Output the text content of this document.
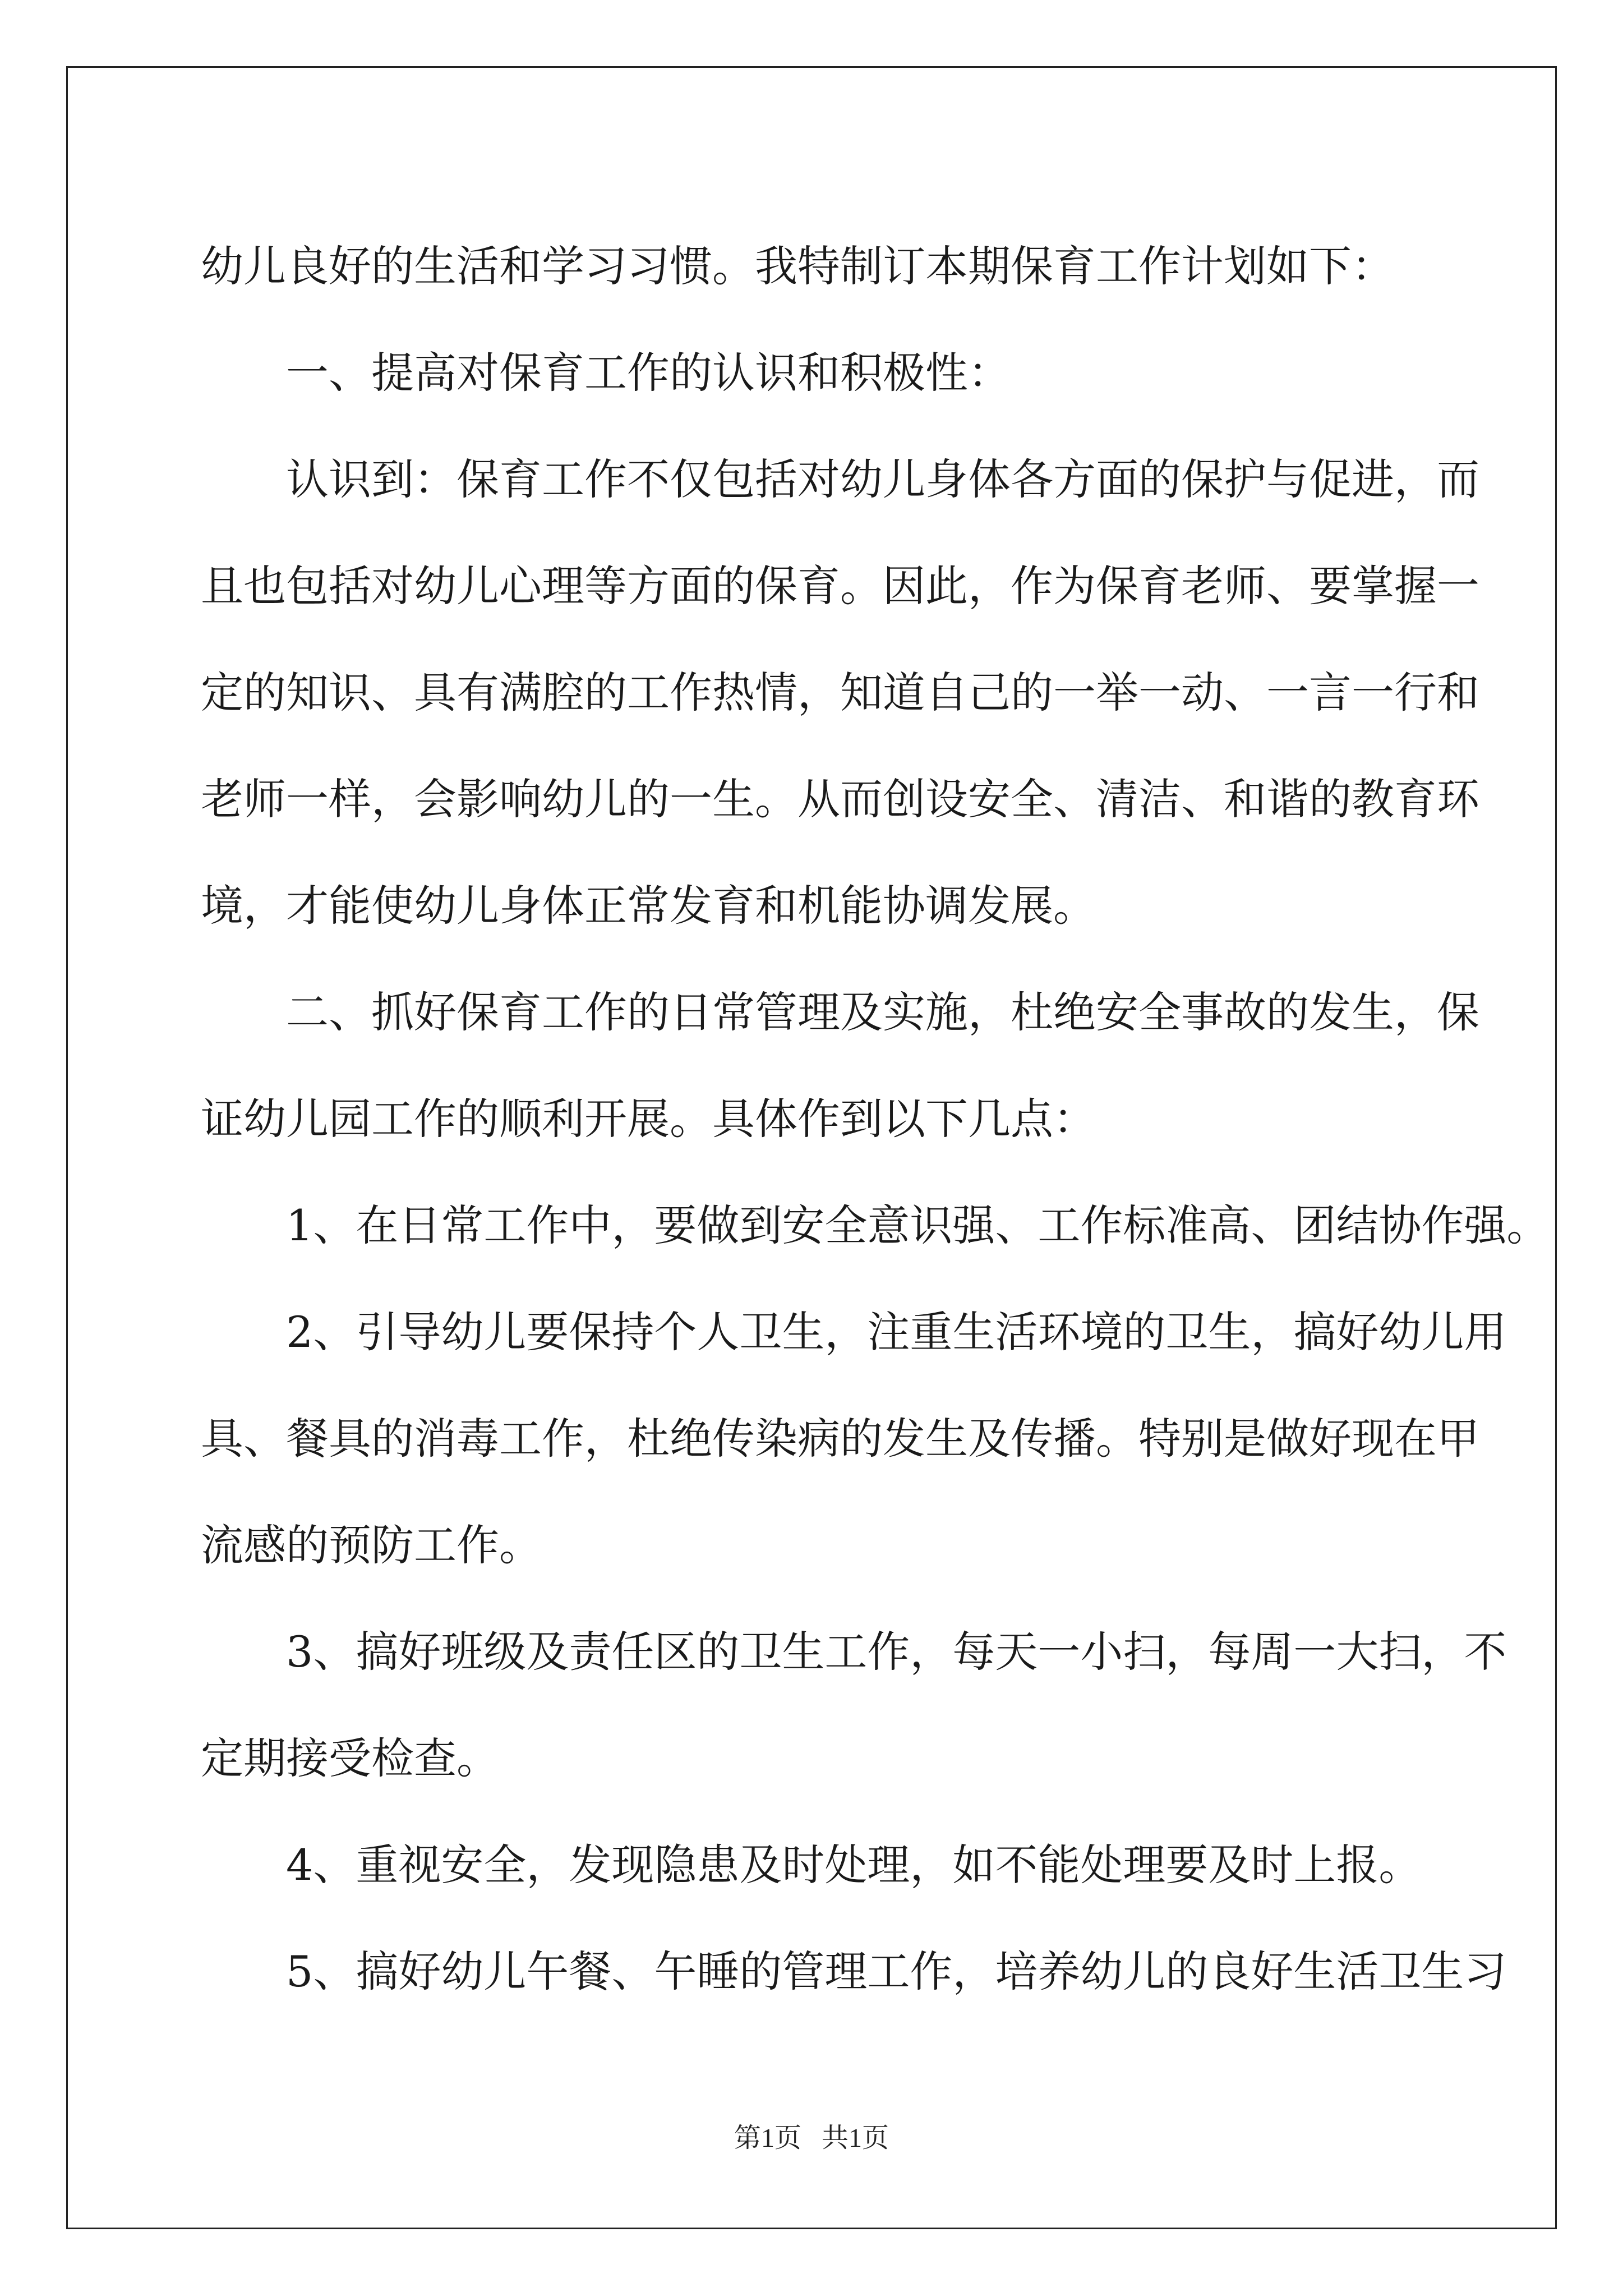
幼儿良好的生活和学习习惯。我特制订本期保育工作计划如下：
一、提高对保育工作的认识和积极性：
认识到：保育工作不仅包括对幼儿身体各方面的保护与促进，而
且也包括对幼儿心理等方面的保育。因此，作为保育老师、要掌握一
定的知识、具有满腔的工作热情，知道自己的一举一动、一言一行和
老师一样，会影响幼儿的一生。从而创设安全、清洁、和谐的教育环
境，才能使幼儿身体正常发育和机能协调发展。
二、抓好保育工作的日常管理及实施，杜绝安全事故的发生，保
证幼儿园工作的顺利开展。具体作到以下几点：
1、在日常工作中，要做到安全意识强、工作标准高、团结协作强。
2、引导幼儿要保持个人卫生，注重生活环境的卫生，搞好幼儿用
具、餐具的消毒工作，杜绝传染病的发生及传播。特别是做好现在甲
流感的预防工作。
3、搞好班级及责任区的卫生工作，每天一小扫，每周一大扫，不
定期接受检查。
4、重视安全，发现隐患及时处理，如不能处理要及时上报。
5、搞好幼儿午餐、午睡的管理工作，培养幼儿的良好生活卫生习
第1页   共1页
